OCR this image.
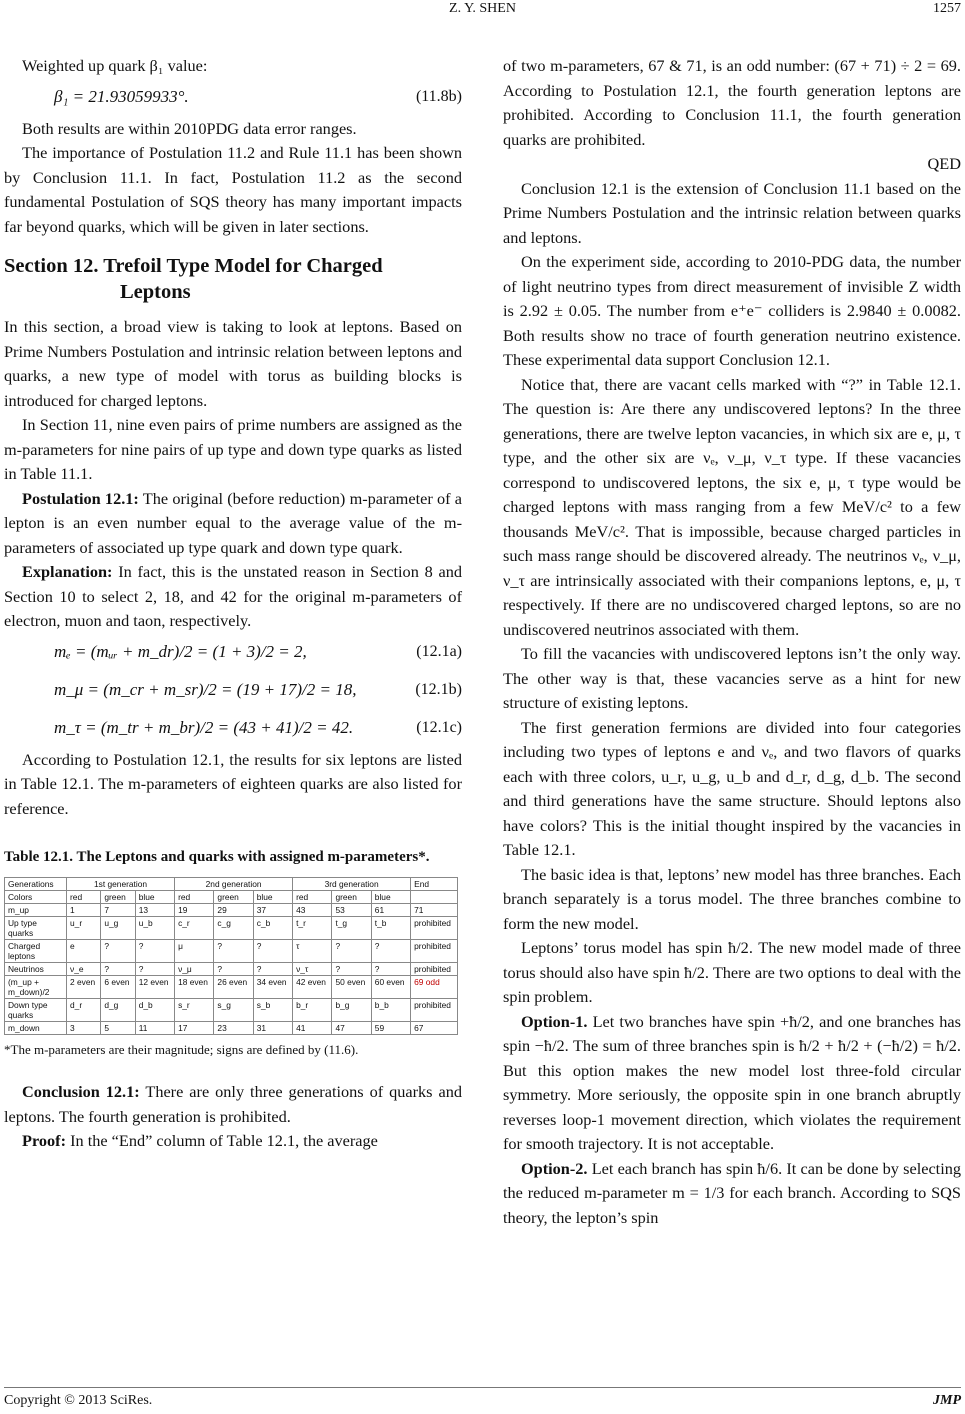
Z. Y. SHEN	1257

Weighted up quark β₁ value:

β₁ = 21.93059933°.	(11.8b)

Both results are within 2010PDG data error ranges.

The importance of Postulation 11.2 and Rule 11.1 has been shown by Conclusion 11.1. In fact, Postulation 11.2 as the second fundamental Postulation of SQS theory has many important impacts far beyond quarks, which will be given in later sections.

Section 12. Trefoil Type Model for Charged
Leptons

In this section, a broad view is taking to look at leptons. Based on Prime Numbers Postulation and intrinsic relation between leptons and quarks, a new type of model with torus as building blocks is introduced for charged leptons.

In Section 11, nine even pairs of prime numbers are assigned as the m-parameters for nine pairs of up type and down type quarks as listed in Table 11.1.

Postulation 12.1: The original (before reduction) m-parameter of a lepton is an even number equal to the average value of the m-parameters of associated up type quark and down type quark.

Explanation: In fact, this is the unstated reason in Section 8 and Section 10 to select 2, 18, and 42 for the original m-parameters of electron, muon and taon, respectively.

mₑ = (mᵤᵣ + m_dr)/2 = (1 + 3)/2 = 2,	(12.1a)
m_μ = (m_cr + m_sr)/2 = (19 + 17)/2 = 18,	(12.1b)
m_τ = (m_tr + m_br)/2 = (43 + 41)/2 = 42.	(12.1c)

According to Postulation 12.1, the results for six leptons are listed in Table 12.1. The m-parameters of eighteen quarks are also listed for reference.

Table 12.1. The Leptons and quarks with assigned m-parameters*.
Generations	1st generation			2nd generation			3rd generation			End
Colors	red	green	blue	red	green	blue	red	green	blue	
m_up	1	7	13	19	29	37	43	53	61	71
Up type quarks	u_r	u_g	u_b	c_r	c_g	c_b	t_r	t_g	t_b	prohibited
Charged leptons	e	?	?	μ	?	?	τ	?	?	prohibited
Neutrinos	ν_e	?	?	ν_μ	?	?	ν_τ	?	?	prohibited
(m_up + m_down)/2	2 even	6 even	12 even	18 even	26 even	34 even	42 even	50 even	60 even	69 odd
Down type quarks	d_r	d_g	d_b	s_r	s_g	s_b	b_r	b_g	b_b	prohibited
m_down	3	5	11	17	23	31	41	47	59	67
*The m-parameters are their magnitude; signs are defined by (11.6).

Conclusion 12.1: There are only three generations of quarks and leptons. The fourth generation is prohibited.

Proof: In the “End” column of Table 12.1, the average

of two m-parameters, 67 & 71, is an odd number: (67 + 71) ÷ 2 = 69. According to Postulation 12.1, the fourth generation leptons are prohibited. According to Conclusion 11.1, the fourth generation quarks are prohibited.

QED

Conclusion 12.1 is the extension of Conclusion 11.1 based on the Prime Numbers Postulation and the intrinsic relation between quarks and leptons.

On the experiment side, according to 2010-PDG data, the number of light neutrino types from direct measurement of invisible Z width is 2.92 ± 0.05. The number from e⁺e⁻ colliders is 2.9840 ± 0.0082. Both results show no trace of fourth generation neutrino existence. These experimental data support Conclusion 12.1.

Notice that, there are vacant cells marked with “?” in Table 12.1. The question is: Are there any undiscovered leptons? In the three generations, there are twelve lepton vacancies, in which six are e, μ, τ type, and the other six are νₑ, ν_μ, ν_τ type. If these vacancies correspond to undiscovered leptons, the six e, μ, τ type would be charged leptons with mass ranging from a few MeV/c² to a few thousands MeV/c². That is impossible, because charged particles in such mass range should be discovered already. The neutrinos νₑ, ν_μ, ν_τ are intrinsically associated with their companions leptons, e, μ, τ respectively. If there are no undiscovered charged leptons, so are no undiscovered neutrinos associated with them.

To fill the vacancies with undiscovered leptons isn’t the only way. The other way is that, these vacancies serve as a hint for new structure of existing leptons.

The first generation fermions are divided into four categories including two types of leptons e and νₑ, and two flavors of quarks each with three colors, u_r, u_g, u_b and d_r, d_g, d_b. The second and third generations have the same structure. Should leptons also have colors? This is the initial thought inspired by the vacancies in Table 12.1.

The basic idea is that, leptons’ new model has three branches. Each branch separately is a torus model. The three branches combine to form the new model.

Leptons’ torus model has spin ħ/2. The new model made of three torus should also have spin ħ/2. There are two options to deal with the spin problem.

Option-1. Let two branches have spin +ħ/2, and one branches has spin −ħ/2. The sum of three branches spin is ħ/2 + ħ/2 + (−ħ/2) = ħ/2. But this option makes the new model lost three-fold circular symmetry. More seriously, the opposite spin in one branch abruptly reverses loop-1 movement direction, which violates the requirement for smooth trajectory. It is not acceptable.

Option-2. Let each branch has spin ħ/6. It can be done by selecting the reduced m-parameter m = 1/3 for each branch. According to SQS theory, the lepton’s spin

Copyright © 2013 SciRes.	JMP
